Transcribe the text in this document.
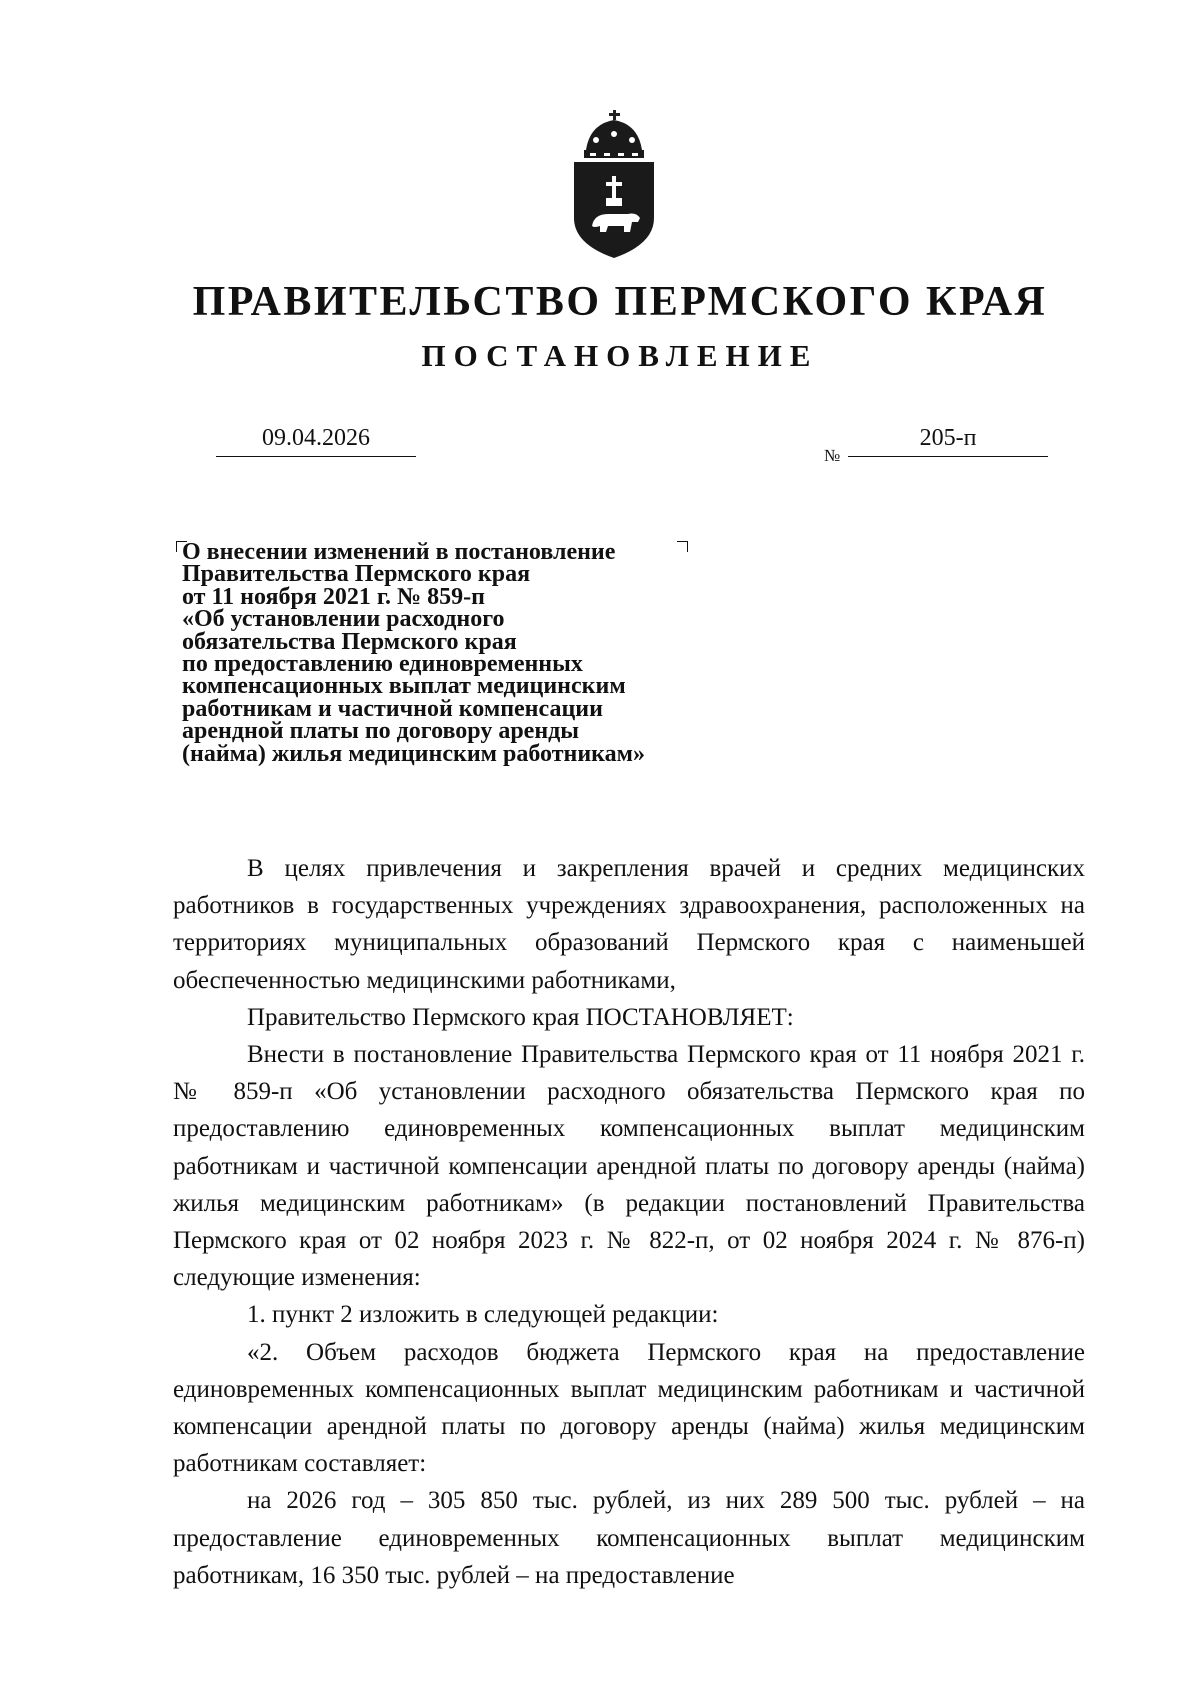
ПРАВИТЕЛЬСТВО ПЕРМСКОГО КРАЯ
ПОСТАНОВЛЕНИЕ
09.04.2026
№
205-п
О внесении изменений в постановление
Правительства Пермского края
от 11 ноября 2021 г. № 859-п
«Об установлении расходного
обязательства Пермского края
по предоставлению единовременных
компенсационных выплат медицинским
работникам и частичной компенсации
арендной платы по договору аренды
(найма) жилья медицинским работникам»

В целях привлечения и закрепления врачей и средних медицинских работников в государственных учреждениях здравоохранения, расположенных на территориях муниципальных образований Пермского края с наименьшей обеспеченностью медицинскими работниками,

Правительство Пермского края ПОСТАНОВЛЯЕТ:

Внести в постановление Правительства Пермского края от 11 ноября 2021 г. № 859-п «Об установлении расходного обязательства Пермского края по предоставлению единовременных компенсационных выплат медицинским работникам и частичной компенсации арендной платы по договору аренды (найма) жилья медицинским работникам» (в редакции постановлений Правительства Пермского края от 02 ноября 2023 г. № 822-п, от 02 ноября 2024 г. № 876-п) следующие изменения:

1. пункт 2 изложить в следующей редакции:

«2. Объем расходов бюджета Пермского края на предоставление единовременных компенсационных выплат медицинским работникам и частичной компенсации арендной платы по договору аренды (найма) жилья медицинским работникам составляет:

на 2026 год – 305 850 тыс. рублей, из них 289 500 тыс. рублей – на предоставление единовременных компенсационных выплат медицинским работникам, 16 350 тыс. рублей – на предоставление
